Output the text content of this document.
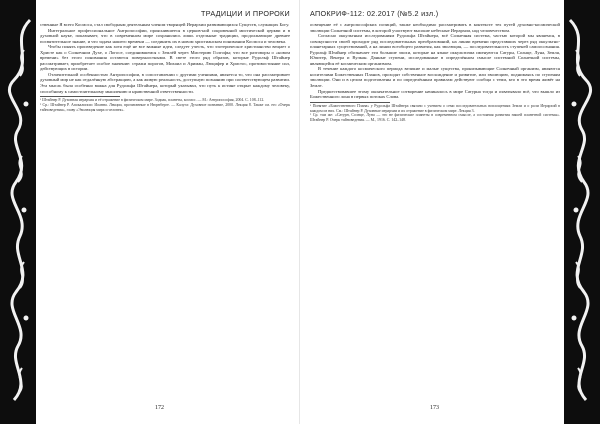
ТРАДИЦИИ И ПРОРОКИ

ственные Я всего Космоса, стал свободным деятельным членом творящей Иерархии развивающихся Существ, служащих Богу.

Интегральное профессиональное Антропософии, прояснившееся в церков-ной сокровенной мистической церкви и в духовной науке, показывает, что в современном мире сохранились лишь отдельные традиции, продолжающие древнее посвятительное знание, и что задача нашего времени — соединить их в новом христианском понимании Космоса и человека.

Чтобы понять произведение как хотя ещё не все важные идеи, следует учесть, что эзотерическое христианство вещает о Христе как о Солнечном Духе, о Логосе, соединившемся с Землёй через Мистерию Голгофы; что все разговоры о «новом времени» без этого понимания остаются поверхностными. В свете этого ряд образов, которые Рудольф Штайнер рассматривает, приобретает особое значение: стражи порогов, Михаил и Ариман, Люцифер и Христос, противостояние сил, действующих в истории.

Отличительной особенностью Антропософии, в сопоставлении с другими учениями, является то, что она рассматривает духовный мир не как отдалённую абстракцию, а как живую реальность, доступную познанию при соответствующем развитии. Эта мысль была особенно важна для Рудольфа Штайнера, который указывал, что путь к истине открыт каждому человеку, способному к самостоятельному мышлению и нравственной ответственности.

¹ Штайнер Р. Духовная иерархия и её отражение в физическом мире. Зодиак, планеты, космос. — М.: Антропософия, 2004. С. 108–112.

² Ср.: Штайнер Р. Апокалипсис Иоанна. Лекции, прочитанные в Нюрнберге. — Калуга: Духовное познание, 2000. Лекция 8. Также см. его «Очерк тайноведения», главу «Эволюция мира и человек».

172
АПОКРИФ-112: 02.2017 (№5.2 изл.)

освещение её с антропософских позиций, также необходимо рассматривать в контексте тех путей духовно-космической эволюции Солнечной системы, в которой участвуют высокие небесные Иерархии, над человечеством.

Согласно оккультным исследованиям Рудольфа Штайнера, всё Солнечная система, частью которой мы являемся, в совокупности своей проходит ряд последовательных преобразований, на линии времени представших через ряд оккультно-планетарных существований, а на линии всеобщего развития, как эволюция, — последовательность ступеней самоосознания. Рудольф Штайнер обозначает эти большие эпохи, которые на языке оккультизма именуются Сатурн, Солнце, Луна, Земля, Юпитер, Венера и Вулкан. Данные ступени, исследованные в определённом смысле системной Солнечной системы, являющейся её космическим организмом.

В течение каждого космического периода великие и малые существа, пронизывающие Солнечный организм, являются носителями Божественных Планов, проходят собственное восхождение и развитие, или эволюцию, поднимаясь по ступеням эволюции. Они и в целом подготовлены и по определённым правилам действуют сообща с теми, кто в это время живёт на Земле.

Предшествовавшее этому окончательное сотворение начиналось в мире Сатурна тогда и охватывало всё, что вышло из Божественного лона в первых потоках Слова.

¹ Понятие «Божественного Плана» у Рудольфа Штайнера связано с учением о семи последовательных воплощениях Земли и о роли Иерархий в каждом из них. См.: Штайнер Р. Духовные иерархии и их отражение в физическом мире. Лекция 3.

² Ср. там же: «Сатурн, Солнце, Луна — это не физические планеты в современном смысле, а состояния развития нашей планетной системы». Штайнер Р. Очерк тайноведения. — М., 1916. С. 142–148.

173
